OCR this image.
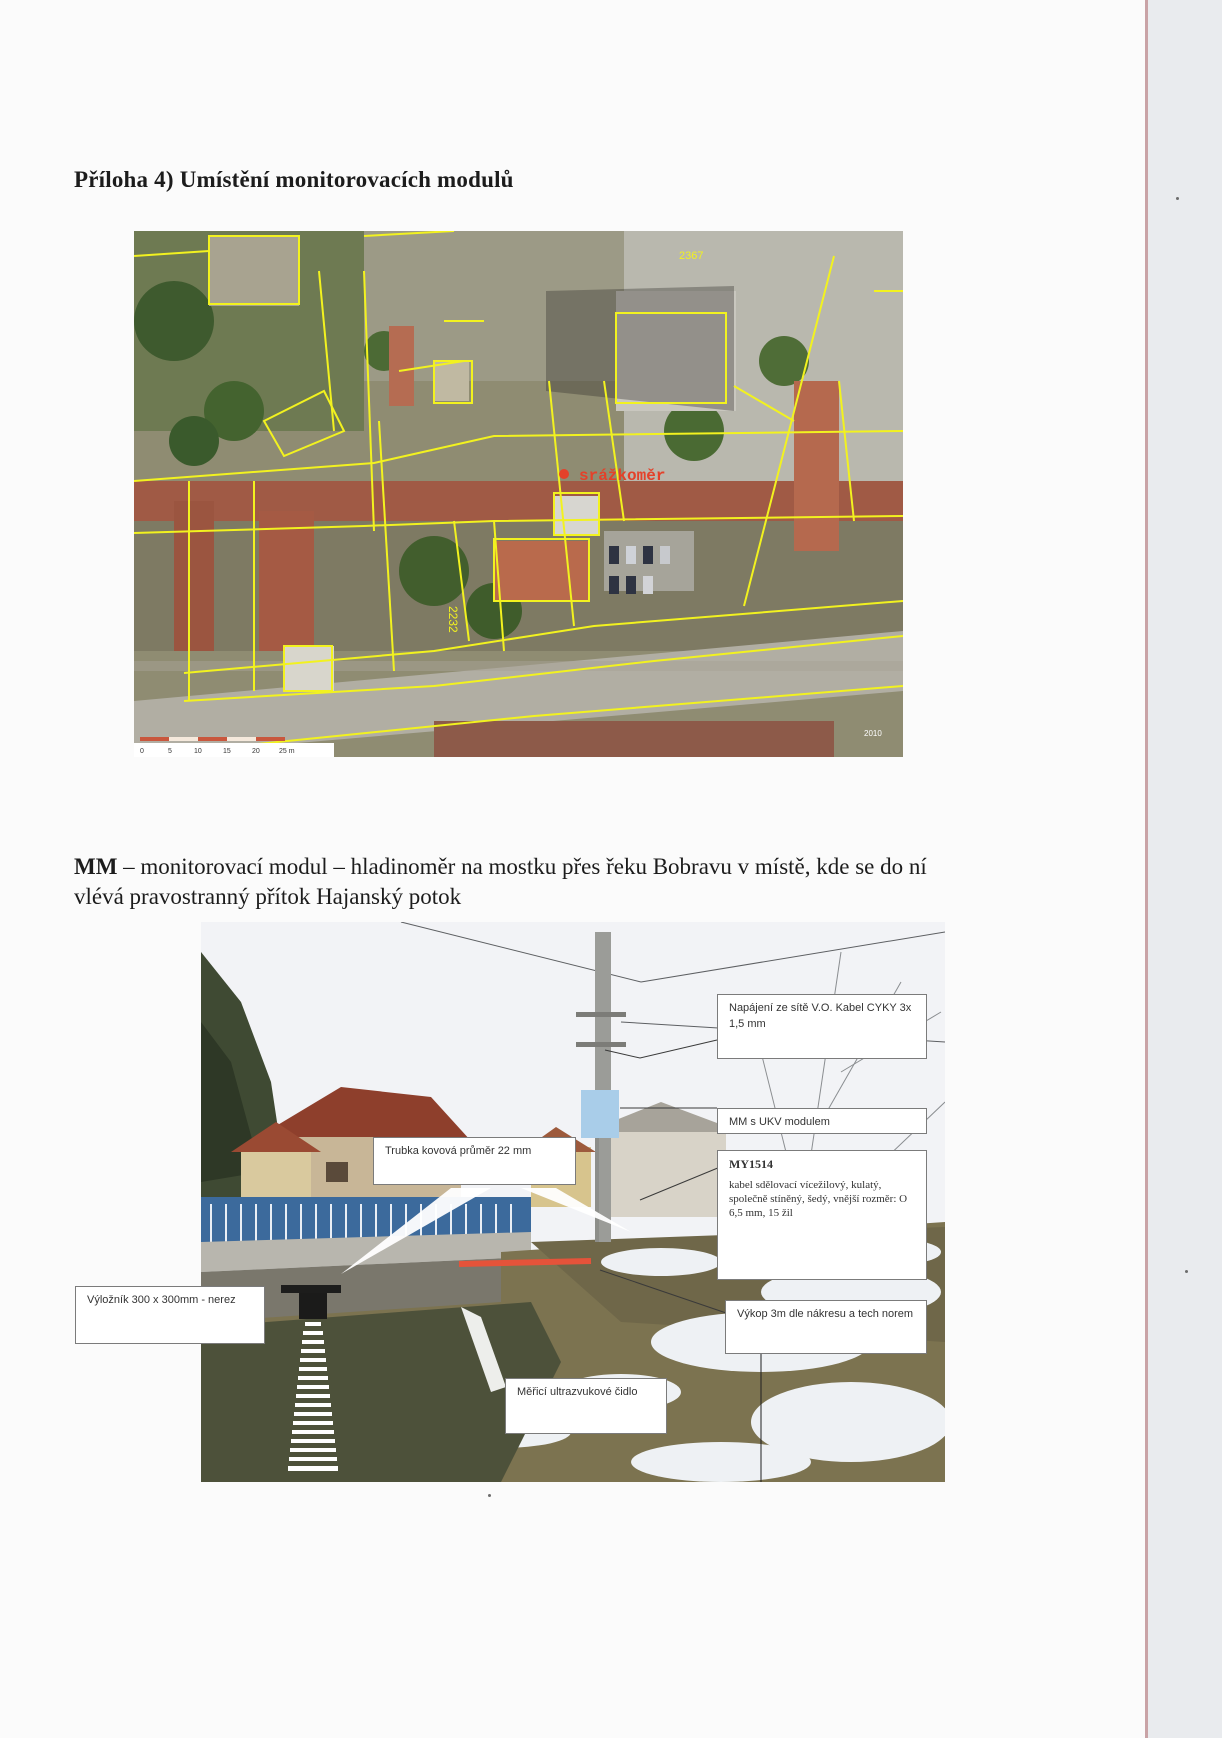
Příloha 4) Umístění monitorovacích modulů
2232
2367
srážkoměr
0	5	10	15	20	25 m
2010
MM – monitorovací modul – hladinoměr na mostku přes řeku Bobravu v místě, kde se do ní vlévá pravostranný přítok Hajanský potok
Napájení ze sítě V.O. Kabel CYKY 3x 1,5 mm
MM s UKV modulem
Trubka kovová průměr 22 mm
MY1514
kabel sdělovací vícežilový, kulatý, společně stíněný, šedý, vnější rozměr: O 6,5 mm, 15 žil
Výložník 300 x 300mm - nerez
Výkop 3m dle nákresu a tech norem
Měřicí ultrazvukové čidlo
